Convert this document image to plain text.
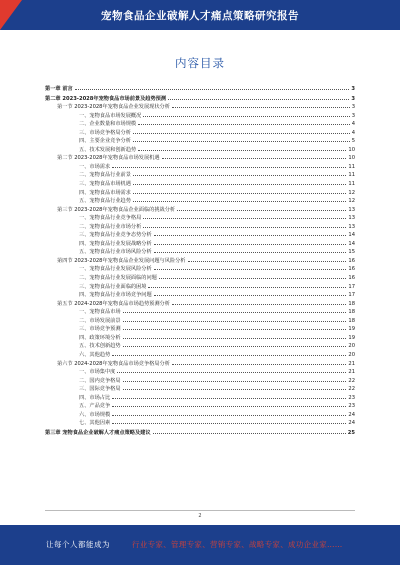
宠物食品企业破解人才痛点策略研究报告
内容目录
第一章 前言	3
第二章 2023-2028年宠物食品市场前景及趋势预测	3
第一节 2023-2028年宠物食品企业发展现状分析	3
一、宠物食品市场发展概况	3
二、企业数量和市场规模	4
三、市场竞争格局分析	4
四、主要企业竞争分析	5
五、技术发展和创新趋势	10
第二节 2023-2028年宠物食品市场发展机遇	10
一、市场需求	11
二、宠物食品行业前景	11
三、宠物食品市场机遇	11
四、宠物食品市场需求	12
五、宠物食品行业趋势	12
第三节 2023-2028年宠物食品企业面临的挑战分析	13
一、宠物食品行业竞争格局	13
二、宠物食品行业市场分析	13
三、宠物食品行业竞争态势分析	14
四、宠物食品行业发展战略分析	14
五、宠物食品行业市场风险分析	15
第四节 2023-2028年宠物食品企业发展问题与风险分析	16
一、宠物食品行业发展风险分析	16
二、宠物食品行业发展面临的问题	16
三、宠物食品行业面临的困境	17
四、宠物食品行业市场竞争问题	17
第五节 2024-2028年宠物食品市场趋势预测分析	18
一、宠物食品市场	18
二、市场发展前景	18
三、市场竞争预测	19
四、政策环境分析	19
五、技术创新趋势	20
六、其他趋势	20
第六节 2024-2028年宠物食品市场竞争格局分析	21
一、市场集中度	21
二、国内竞争格局	22
三、国际竞争格局	22
四、市场占比	23
五、产品竞争	23
六、市场规模	24
七、其他因素	24
第三章 宠物食品企业破解人才痛点策略及建议	25
2
让每个人都能成为	行业专家、管理专家、营销专家、战略专家、成功企业家……
